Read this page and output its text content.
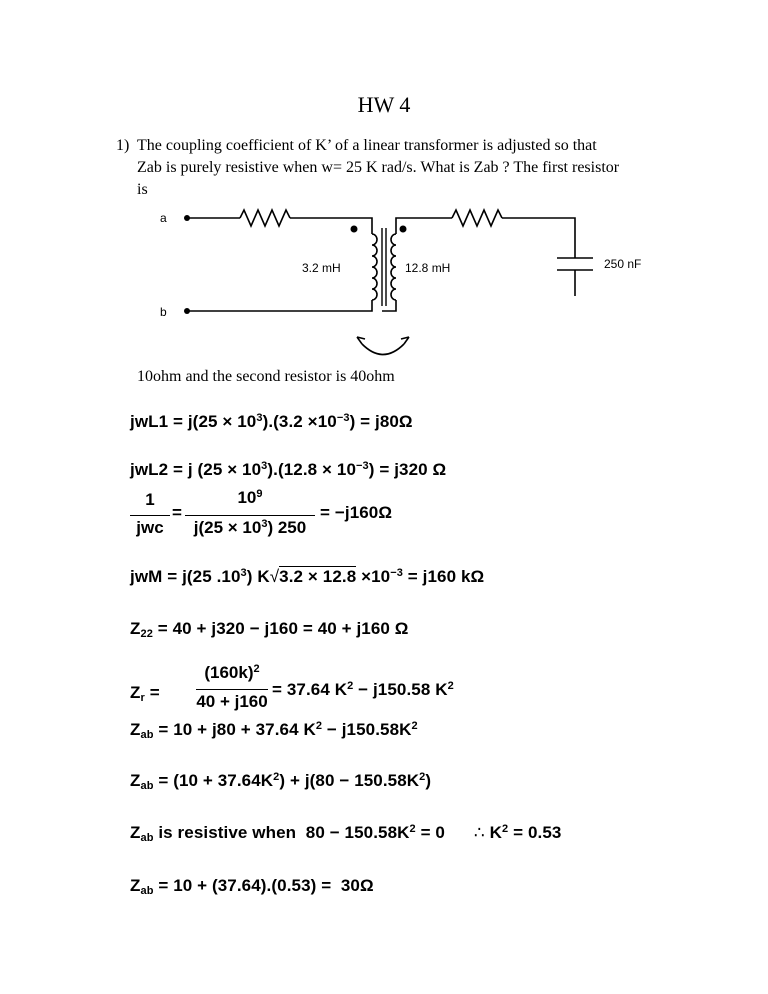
HW 4
1) The coupling coefficient of K’ of a linear transformer is adjusted so that
Zab is purely resistive when w= 25 K rad/s. What is Zab ? The first resistor
is
a
b
3.2 mH	12.8 mH	250 nF
10ohm and the second resistor is 40ohm
$jwL1 = j(25 \times 10^3).(3.2 \times 10^{-3}) = j80\Omega$
jwL2 = j $(25 \times 10^3).(12.8 \times 10^{-3}) = j320$ Ω
1
jwc
=
$10^9$
$j(25 \times 10^3)$ 250
= −j160Ω
jwM = j(25 $.10^3$) $K√3.2 \times 12.8 \times 10^{-3} = j160$ kΩ
$Z_{22} = 40 + j320 - j160 = 40 + j160$ Ω
$Z_r$ =
$(160k)^2$
40 + j160
= 37.64 $K^2 - j150.58$ $K^2$
$Z_{ab} = 10 + j80 + 37.64$ $K^2 - j150.58K^2$
$Z_{ab} = (10 + 37.64K^2) + j(80 - 150.58K^2)$
$Z_{ab}$ is resistive when  $80 - 150.58K^2 = 0$      ∴ $K^2 = 0.53$
$Z_{ab} = 10 + (37.64).(0.53) = 30\Omega$
